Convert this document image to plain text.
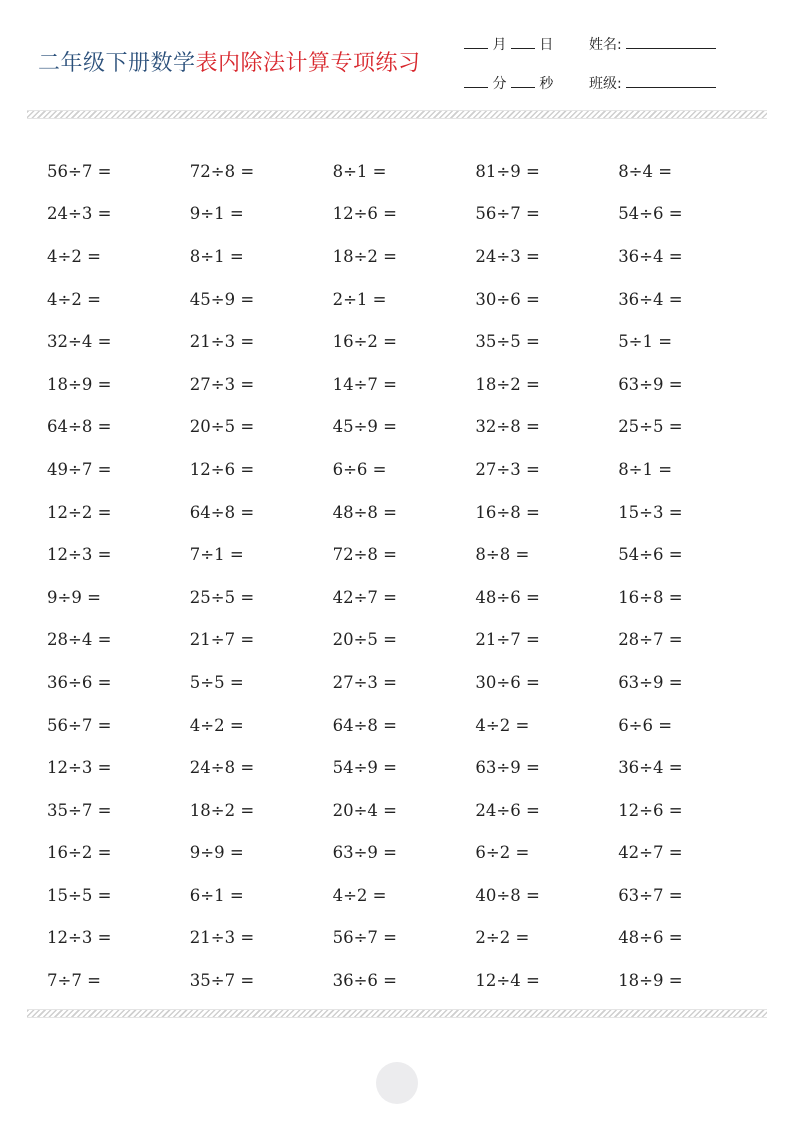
二年级下册数学表内除法计算专项练习
月 日	姓名:
分 秒	班级:
56÷7 =	72÷8 =	8÷1 =	81÷9 =	8÷4 =
24÷3 =	9÷1 =	12÷6 =	56÷7 =	54÷6 =
4÷2 =	8÷1 =	18÷2 =	24÷3 =	36÷4 =
4÷2 =	45÷9 =	2÷1 =	30÷6 =	36÷4 =
32÷4 =	21÷3 =	16÷2 =	35÷5 =	5÷1 =
18÷9 =	27÷3 =	14÷7 =	18÷2 =	63÷9 =
64÷8 =	20÷5 =	45÷9 =	32÷8 =	25÷5 =
49÷7 =	12÷6 =	6÷6 =	27÷3 =	8÷1 =
12÷2 =	64÷8 =	48÷8 =	16÷8 =	15÷3 =
12÷3 =	7÷1 =	72÷8 =	8÷8 =	54÷6 =
9÷9 =	25÷5 =	42÷7 =	48÷6 =	16÷8 =
28÷4 =	21÷7 =	20÷5 =	21÷7 =	28÷7 =
36÷6 =	5÷5 =	27÷3 =	30÷6 =	63÷9 =
56÷7 =	4÷2 =	64÷8 =	4÷2 =	6÷6 =
12÷3 =	24÷8 =	54÷9 =	63÷9 =	36÷4 =
35÷7 =	18÷2 =	20÷4 =	24÷6 =	12÷6 =
16÷2 =	9÷9 =	63÷9 =	6÷2 =	42÷7 =
15÷5 =	6÷1 =	4÷2 =	40÷8 =	63÷7 =
12÷3 =	21÷3 =	56÷7 =	2÷2 =	48÷6 =
7÷7 =	35÷7 =	36÷6 =	12÷4 =	18÷9 =
